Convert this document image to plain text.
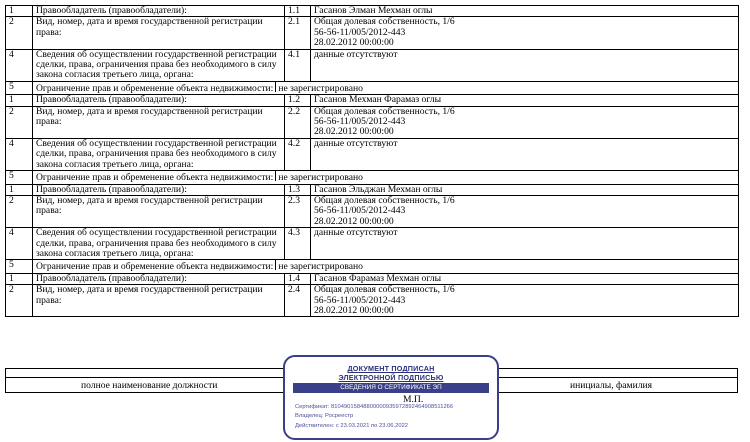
1	Правообладатель (правообладатели):	1.1	Гасанов Элман Мехман оглы
2	Вид, номер, дата и время государственной регистрации права:	2.1	Общая долевая собственность, 1/6
56-56-11/005/2012-443
28.02.2012 00:00:00
4	Сведения об осуществлении государственной регистрации сделки, права, ограничения права без необходимого в силу закона согласия третьего лица, органа:	4.1	данные отсутствуют
5	Ограничение прав и обременение объекта недвижимости: не зарегистрировано		
1	Правообладатель (правообладатели):	1.2	Гасанов Мехман Фарамаз оглы
2	Вид, номер, дата и время государственной регистрации права:	2.2	Общая долевая собственность, 1/6
56-56-11/005/2012-443
28.02.2012 00:00:00
4	Сведения об осуществлении государственной регистрации сделки, права, ограничения права без необходимого в силу закона согласия третьего лица, органа:	4.2	данные отсутствуют
5	Ограничение прав и обременение объекта недвижимости: не зарегистрировано		
1	Правообладатель (правообладатели):	1.3	Гасанов Эльджан Мехман оглы
2	Вид, номер, дата и время государственной регистрации права:	2.3	Общая долевая собственность, 1/6
56-56-11/005/2012-443
28.02.2012 00:00:00
4	Сведения об осуществлении государственной регистрации сделки, права, ограничения права без необходимого в силу закона согласия третьего лица, органа:	4.3	данные отсутствуют
5	Ограничение прав и обременение объекта недвижимости: не зарегистрировано		
1	Правообладатель (правообладатели):	1.4	Гасанов Фарамаз Мехман оглы
2	Вид, номер, дата и время государственной регистрации права:	2.4	Общая долевая собственность, 1/6
56-56-11/005/2012-443
28.02.2012 00:00:00
полное наименование должности	инициалы, фамилия
ДОКУМЕНТ ПОДПИСАН
ЭЛЕКТРОННОЙ ПОДПИСЬЮ
СВЕДЕНИЯ О СЕРТИФИКАТЕ ЭП
М.П.
Сертификат: 81049015848800000935972892464908511266
Владелец: Росреестр
Действителен: с 23.03.2021 по 23.06.2022
